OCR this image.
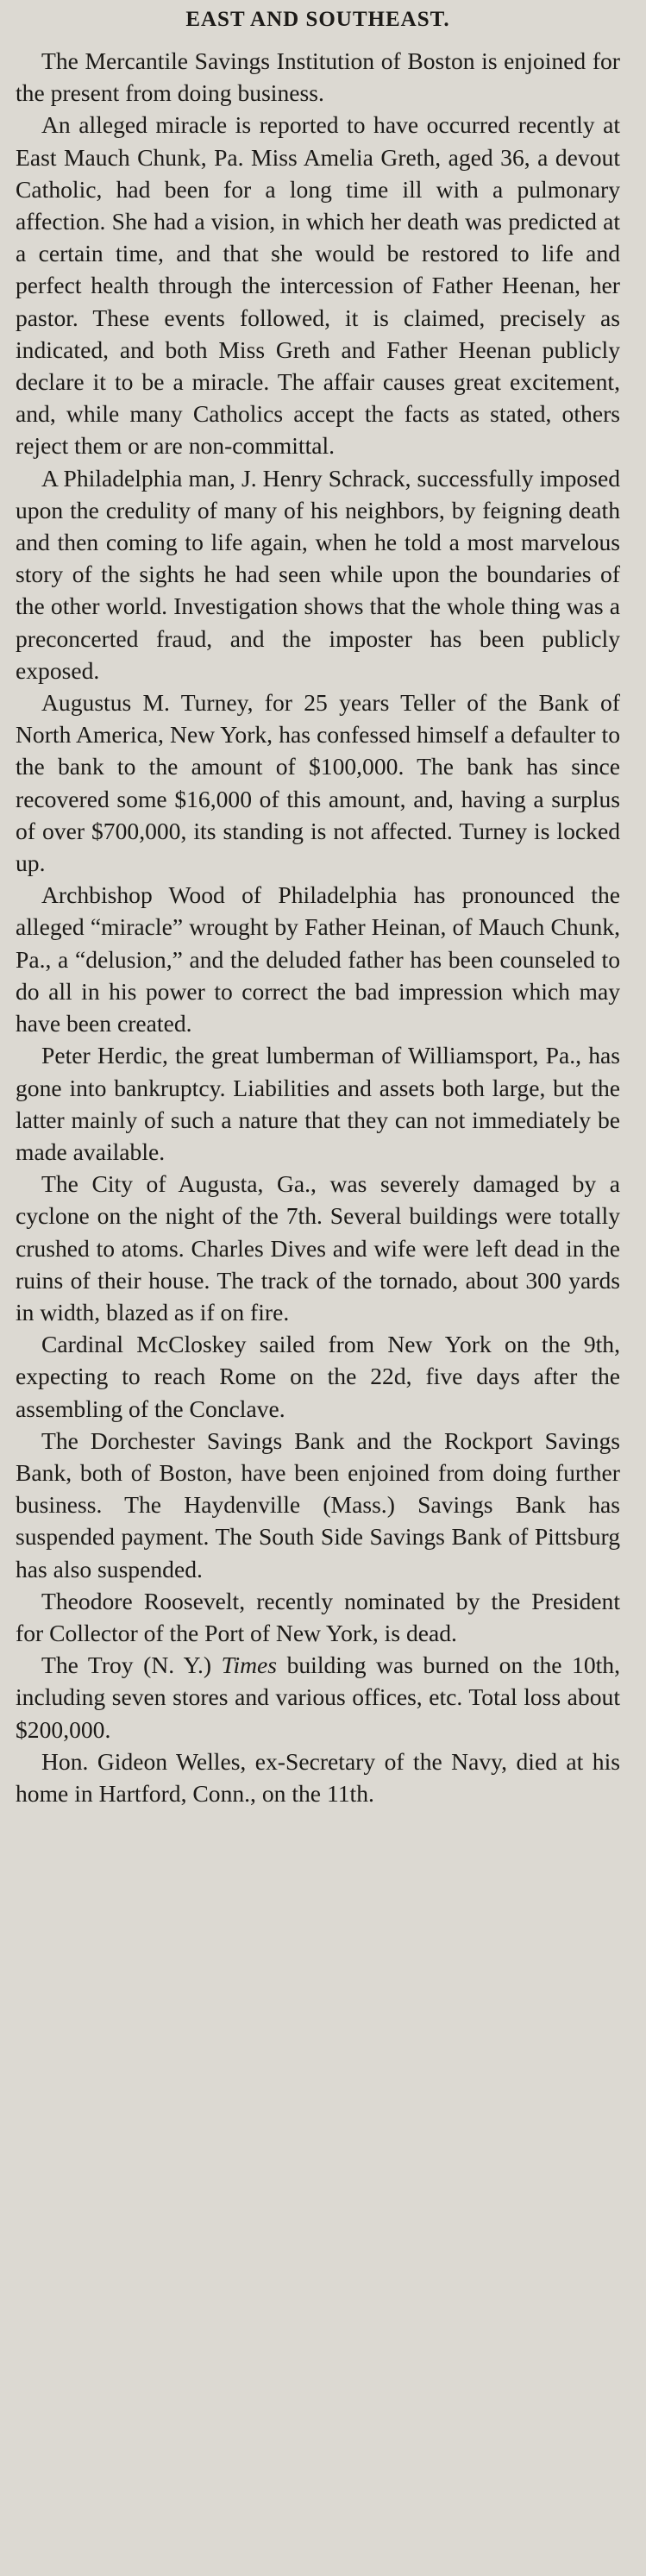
EAST AND SOUTHEAST.

The Mercantile Savings Institution of Boston is enjoined for the present from doing business.

An alleged miracle is reported to have occurred recently at East Mauch Chunk, Pa. Miss Amelia Greth, aged 36, a devout Catholic, had been for a long time ill with a pulmonary affection. She had a vision, in which her death was predicted at a certain time, and that she would be restored to life and perfect health through the intercession of Father Heenan, her pastor. These events followed, it is claimed, precisely as indicated, and both Miss Greth and Father Heenan publicly declare it to be a miracle. The affair causes great excitement, and, while many Catholics accept the facts as stated, others reject them or are non-committal.

A Philadelphia man, J. Henry Schrack, successfully imposed upon the credulity of many of his neighbors, by feigning death and then coming to life again, when he told a most marvelous story of the sights he had seen while upon the boundaries of the other world. Investigation shows that the whole thing was a preconcerted fraud, and the imposter has been publicly exposed.

Augustus M. Turney, for 25 years Teller of the Bank of North America, New York, has confessed himself a defaulter to the bank to the amount of $100,000. The bank has since recovered some $16,000 of this amount, and, having a surplus of over $700,000, its standing is not affected. Turney is locked up.

Archbishop Wood of Philadelphia has pronounced the alleged “miracle” wrought by Father Heinan, of Mauch Chunk, Pa., a “delusion,” and the deluded father has been counseled to do all in his power to correct the bad impression which may have been created.

Peter Herdic, the great lumberman of Williamsport, Pa., has gone into bankruptcy. Liabilities and assets both large, but the latter mainly of such a nature that they can not immediately be made available.

The City of Augusta, Ga., was severely damaged by a cyclone on the night of the 7th. Several buildings were totally crushed to atoms. Charles Dives and wife were left dead in the ruins of their house. The track of the tornado, about 300 yards in width, blazed as if on fire.

Cardinal McCloskey sailed from New York on the 9th, expecting to reach Rome on the 22d, five days after the assembling of the Conclave.

The Dorchester Savings Bank and the Rockport Savings Bank, both of Boston, have been enjoined from doing further business. The Haydenville (Mass.) Savings Bank has suspended payment. The South Side Savings Bank of Pittsburg has also suspended.

Theodore Roosevelt, recently nominated by the President for Collector of the Port of New York, is dead.

The Troy (N. Y.) Times building was burned on the 10th, including seven stores and various offices, etc. Total loss about $200,000.

Hon. Gideon Welles, ex-Secretary of the Navy, died at his home in Hartford, Conn., on the 11th.
